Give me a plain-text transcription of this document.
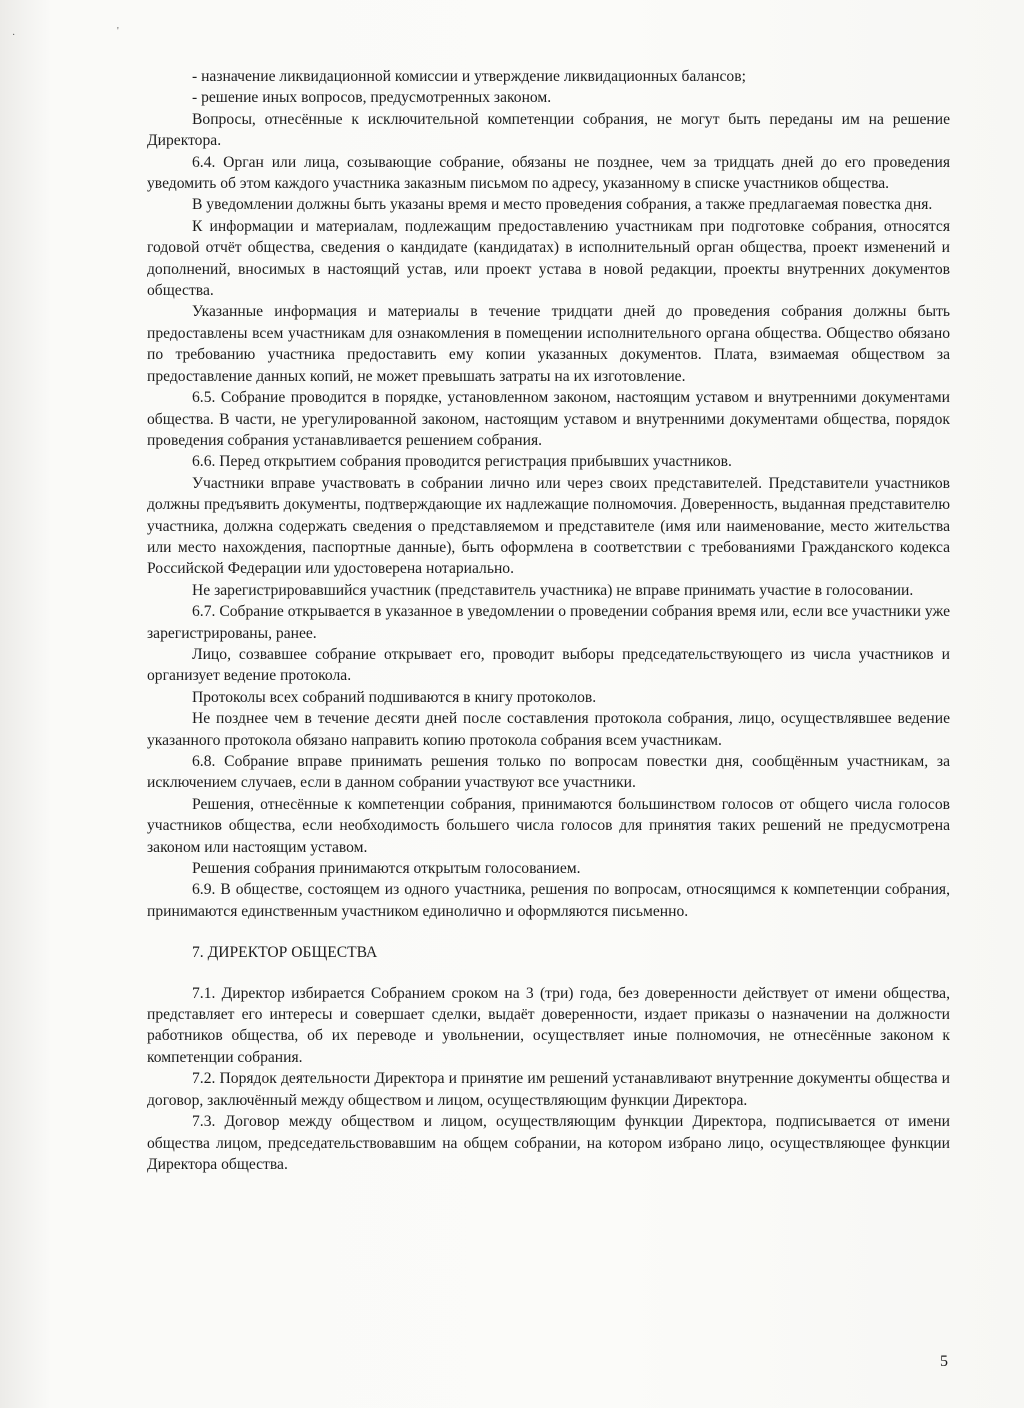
·	'

- назначение ликвидационной комиссии и утверждение ликвидационных балансов;

- решение иных вопросов, предусмотренных законом.

Вопросы, отнесённые к исключительной компетенции собрания, не могут быть переданы им на решение Директора.

6.4. Орган или лица, созывающие собрание, обязаны не позднее, чем за тридцать дней до его проведения уведомить об этом каждого участника заказным письмом по адресу, указанному в списке участников общества.

В уведомлении должны быть указаны время и место проведения собрания, а также предлагаемая повестка дня.

К информации и материалам, подлежащим предоставлению участникам при подготовке собрания, относятся годовой отчёт общества, сведения о кандидате (кандидатах) в исполнительный орган общества, проект изменений и дополнений, вносимых в настоящий устав, или проект устава в новой редакции, проекты внутренних документов общества.

Указанные информация и материалы в течение тридцати дней до проведения собрания должны быть предоставлены всем участникам для ознакомления в помещении исполнительного органа общества. Общество обязано по требованию участника предоставить ему копии указанных документов. Плата, взимаемая обществом за предоставление данных копий, не может превышать затраты на их изготовление.

6.5. Собрание проводится в порядке, установленном законом, настоящим уставом и внутренними документами общества. В части, не урегулированной законом, настоящим уставом и внутренними документами общества, порядок проведения собрания устанавливается решением собрания.

6.6. Перед открытием собрания проводится регистрация прибывших участников.

Участники вправе участвовать в собрании лично или через своих представителей. Представители участников должны предъявить документы, подтверждающие их надлежащие полномочия. Доверенность, выданная представителю участника, должна содержать сведения о представляемом и представителе (имя или наименование, место жительства или место нахождения, паспортные данные), быть оформлена в соответствии с требованиями Гражданского кодекса Российской Федерации или удостоверена нотариально.

Не зарегистрировавшийся участник (представитель участника) не вправе принимать участие в голосовании.

6.7. Собрание открывается в указанное в уведомлении о проведении собрания время или, если все участники уже зарегистрированы, ранее.

Лицо, созвавшее собрание открывает его, проводит выборы председательствующего из числа участников и организует ведение протокола.

Протоколы всех собраний подшиваются в книгу протоколов.

Не позднее чем в течение десяти дней после составления протокола собрания, лицо, осуществлявшее ведение указанного протокола обязано направить копию протокола собрания всем участникам.

6.8. Собрание вправе принимать решения только по вопросам повестки дня, сообщённым участникам, за исключением случаев, если в данном собрании участвуют все участники.

Решения, отнесённые к компетенции собрания, принимаются большинством голосов от общего числа голосов участников общества, если необходимость большего числа голосов для принятия таких решений не предусмотрена законом или настоящим уставом.

Решения собрания принимаются открытым голосованием.

6.9. В обществе, состоящем из одного участника, решения по вопросам, относящимся к компетенции собрания, принимаются единственным участником единолично и оформляются письменно.

7. ДИРЕКТОР ОБЩЕСТВА

7.1. Директор избирается Собранием сроком на 3 (три) года, без доверенности действует от имени общества, представляет его интересы и совершает сделки, выдаёт доверенности, издает приказы о назначении на должности работников общества, об их переводе и увольнении, осуществляет иные полномочия, не отнесённые законом к компетенции собрания.

7.2. Порядок деятельности Директора и принятие им решений устанавливают внутренние документы общества и договор, заключённый между обществом и лицом, осуществляющим функции Директора.

7.3. Договор между обществом и лицом, осуществляющим функции Директора, подписывается от имени общества лицом, председательствовавшим на общем собрании, на котором избрано лицо, осуществляющее функции Директора общества.

5
